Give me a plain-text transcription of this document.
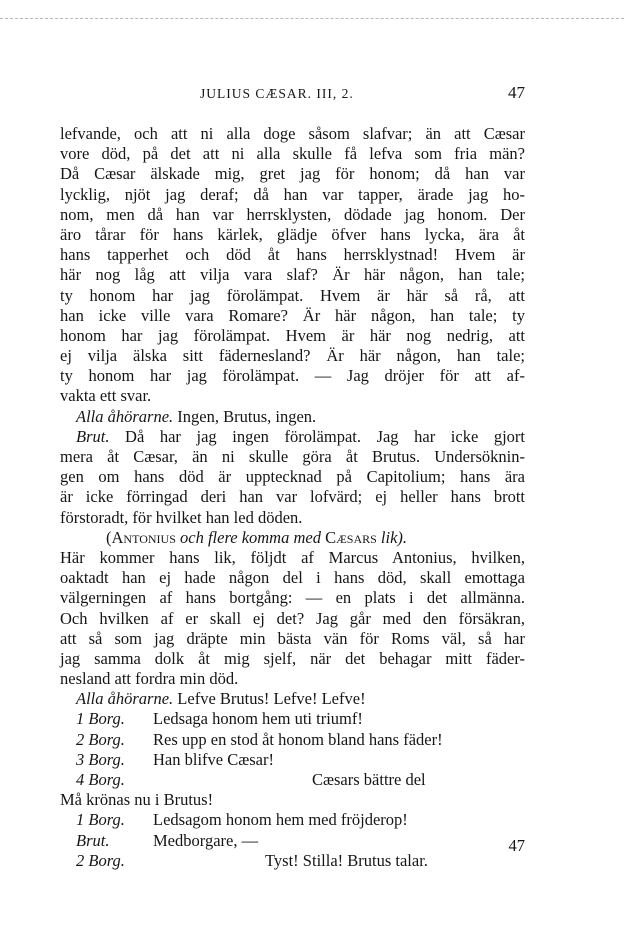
JULIUS CÆSAR. III, 2.	47
lefvande, och att ni alla doge såsom slafvar; än att Cæsar
vore död, på det att ni alla skulle få lefva som fria män?
Då Cæsar älskade mig, gret jag för honom; då han var
lycklig, njöt jag deraf; då han var tapper, ärade jag ho-
nom, men då han var herrsklysten, dödade jag honom. Der
äro tårar för hans kärlek, glädje öfver hans lycka, ära åt
hans tapperhet och död åt hans herrsklystnad! Hvem är
här nog låg att vilja vara slaf? Är här någon, han tale;
ty honom har jag förolämpat. Hvem är här så rå, att
han icke ville vara Romare? Är här någon, han tale; ty
honom har jag förolämpat. Hvem är här nog nedrig, att
ej vilja älska sitt fädernesland? Är här någon, han tale;
ty honom har jag förolämpat. — Jag dröjer för att af-
vakta ett svar.
Alla åhörarne. Ingen, Brutus, ingen.
Brut. Då har jag ingen förolämpat. Jag har icke gjort
mera åt Cæsar, än ni skulle göra åt Brutus. Undersöknin-
gen om hans död är upptecknad på Capitolium; hans ära
är icke förringad deri han var lofvärd; ej heller hans brott
förstoradt, för hvilket han led döden.
(Antonius och flere komma med Cæsars lik).
Här kommer hans lik, följdt af Marcus Antonius, hvilken,
oaktadt han ej hade någon del i hans död, skall emottaga
välgerningen af hans bortgång: — en plats i det allmänna.
Och hvilken af er skall ej det? Jag går med den försäkran,
att så som jag dräpte min bästa vän för Roms väl, så har
jag samma dolk åt mig sjelf, när det behagar mitt fäder-
nesland att fordra min död.
Alla åhörarne. Lefve Brutus! Lefve! Lefve!
1 Borg. Ledsaga honom hem uti triumf!
2 Borg. Res upp en stod åt honom bland hans fäder!
3 Borg. Han blifve Cæsar!
4 Borg.	Cæsars bättre del
Må krönas nu i Brutus!
1 Borg. Ledsagom honom hem med fröjderop!
Brut.	Medborgare, —
2 Borg.	Tyst! Stilla! Brutus talar.
47
